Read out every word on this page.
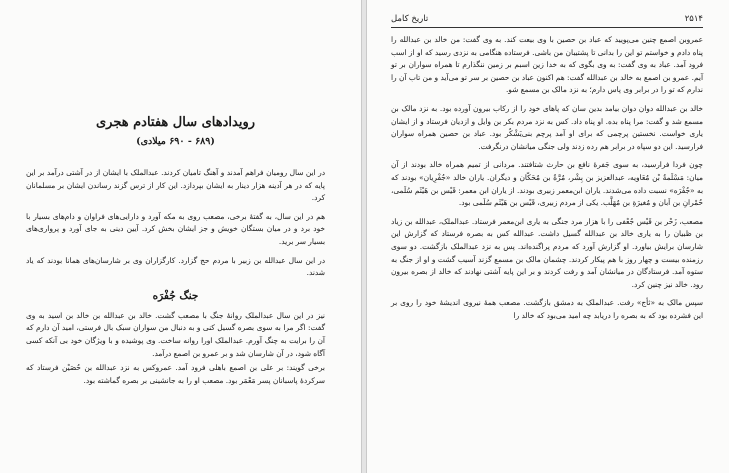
رویدادهای سال هفتادم هجری
(۶۸۹ - ۶۹۰ میلادی)

در این سال رومیان فراهم آمدند و آهنگ تامیان کردند. عبدالملک با ایشان از در آشتی درآمد بر این پایه که در هر آدینه هزار دینار به ایشان بپردازد. این کار از ترس گزند رساندن ایشان بر مسلمانان کرد.

هم در این سال، به گفتهٔ برخی، مصعب روی به مکه آورد و دارایی‌های فراوان و دام‌های بسیار با خود برد و در میان بستگان خویش و جز ایشان بخش کرد. آیین دینی به جای آورد و پرواری‌های بسیار سر برید.

در این سال عبدالله بن زبیر با مردم حج گزارد. کارگزاران وی بر شارسان‌های همانا بودند که یاد شدند.

جنگ جُفْرَه

نیز در این سال عبدالملک روانهٔ جنگ با مصعب گشت. خالد بن عبدالله بن خالد بن اسید به وی گفت: اگر مرا به سوی بصره گسیل کنی و به دنبال من سواران سبک بال فرستی، امید آن دارم که آن را برایت به چنگ آورم. عبدالملک اورا روانه ساخت. وی پوشیده و با ویژگان خود بی آنکه کسی آگاه شود، در آن شارسان شد و بر عمرو بن اصمع درآمد.

برخی گویند: بر علی بن اصمع باهلی فرود آمد. عمروکس به نزد عبدالله بن حُصَیْن فرستاد که سرکردهٔ پاسبانان پسر مَعْمَر بود. مصعب او را به جانشینی بر بصره گماشته بود.

۲۵۱۴
تاریخ کامل

عمروبن اصمع چنین می‌پویید که عباد بن حصین با وی بیعت کند. به وی گفت: من خالد بن عبدالله را پناه دادم و خواستم تو این را بدانی تا پشتیبان من باشی. فرستاده هنگامی به نزدی رسید که او از اسب فرود آمد. عباد به وی گفت: به وی بگوی که به خدا زین اسبم بر زمین ننگذارم تا همراه سواران بر تو آیم. عمرو بن اصمع به خالد بن عبدالله گفت: هم اکنون عباد بن حصین بر سر تو می‌آید و من تاب آن را ندارم که تو را در برابر وی پاس دارم؛ به نزد مالک بن مسمع شو.

خالد بن عبدالله دوان دوان بیامد بدین سان که پاهای خود را از رکاب بیرون آورده بود. به نزد مالک بن مسمع شد و گفت: مرا پناه بده. او پناه داد. کس به نزد مردم بکر بن وایل و ازدیان فرستاد و از ایشان یاری خواست. نخستین پرچمی که برای او آمد پرچم بنی‌یَشْکُر بود. عباد بن حصین همراه سواران فرارسید. این دو سپاه در برابر هم رده زدند ولی جنگی میانشان درنگرفت.

چون فردا فرارسید، به سوی جَفرهٔ نافع بن حارث شتافتند. مردانی از تمیم همراه خالد بودند از آن میان: مَسْلَمةُ بْن مُعَاویه، عبدالعزیز بن بِشْر، مُرَّةُ بن مُحَکّان و دیگران. یاران خالد «جُفْرِیان» بودند که به «جُفْرَه» نسبت داده می‌شدند. یاران ابن‌معمر زبیری بودند. از یاران ابن معمر: قَیْس بن هَیْثَم سُلَمی، حُمْرانِ بن اَبان و مُغیرَةِ بن مُهَلَّب. یکی از مردم زبیری، قَیْس بن هَیْثَم سُلَمی بود.

مصعب، زَحْر بن قَیْس جُعْفی را با هزار مرد جنگی به یاری ابن‌معمر فرستاد. عبدالملک، عبدالله بن زیاد بن ظبیان را به یاری خالد بن عبدالله گسیل داشت. عبدالله کس به بصره فرستاد که گزارش این شارسان برایش بیاورد. او گزارش آورد که مردم پراگنده‌اند. پس به نزد عبدالملک بازگشت. دو سوی رزمنده بیست و چهار روز با هم پیکار کردند. چشمان مالک بن مسمع گزند آسیب گشت و او از جنگ به ستوه آمد. فرستادگان در میانشان آمد و رفت کردند و بر این پایه آشتی نهادند که خالد از بصره بیرون رود. خالد نیز چنین کرد.

سپس مالک به «ثأج» رفت. عبدالملک به دمشق بازگشت. مصعب همهٔ نیروی اندیشهٔ خود را روی بر این فشرده بود که به بصره را دریابد چه امید می‌بود که خالد را
